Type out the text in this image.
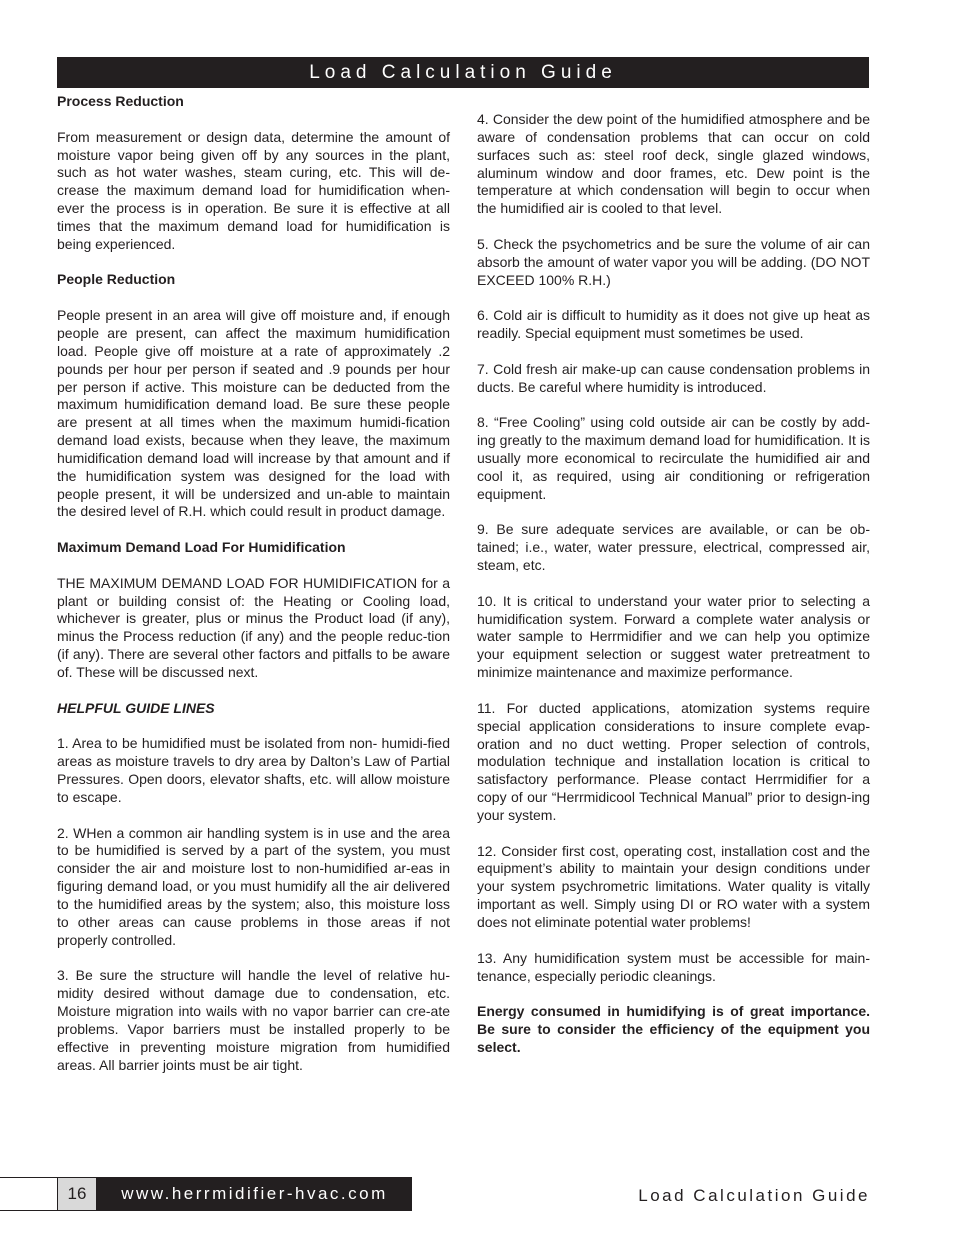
Load Calculation Guide

Process Reduction

From measurement or design data, determine the amount of moisture vapor being given off by any sources in the plant, such as hot water washes, steam curing, etc. This will de-crease the maximum demand load for humidification when-ever the process is in operation. Be sure it is effective at all times that the maximum demand load for humidification is being experienced.

People Reduction

People present in an area will give off moisture and, if enough people are present, can affect the maximum humidification load. People give off moisture at a rate of approximately .2 pounds per hour per person if seated and .9 pounds per hour per person if active. This moisture can be deducted from the maximum humidification demand load. Be sure these people are present at all times when the maximum humidi-fication demand load exists, because when they leave, the maximum humidification demand load will increase by that amount and if the humidification system was designed for the load with people present, it will be undersized and un-able to maintain the desired level of R.H. which could result in product damage.

Maximum Demand Load For Humidification

THE MAXIMUM DEMAND LOAD FOR HUMIDIFICATION for a plant or building consist of: the Heating or Cooling load, whichever is greater, plus or minus the Product load (if any), minus the Process reduction (if any) and the people reduc-tion (if any). There are several other factors and pitfalls to be aware of. These will be discussed next.

HELPFUL GUIDE LINES

1. Area to be humidified must be isolated from non- humidi-fied areas as moisture travels to dry area by Dalton’s Law of Partial Pressures. Open doors, elevator shafts, etc. will allow moisture to escape.

2. WHen a common air handling system is in use and the area to be humidified is served by a part of the system, you must consider the air and moisture lost to non-humidified ar-eas in figuring demand load, or you must humidify all the air delivered to the humidified areas by the system; also, this moisture loss to other areas can cause problems in those areas if not properly controlled.

3. Be sure the structure will handle the level of relative hu-midity desired without damage due to condensation, etc. Moisture migration into wails with no vapor barrier can cre-ate problems. Vapor barriers must be installed properly to be effective in preventing moisture migration from humidified areas. All barrier joints must be air tight.

4. Consider the dew point of the humidified atmosphere and be aware of condensation problems that can occur on cold surfaces such as: steel roof deck, single glazed windows, aluminum window and door frames, etc. Dew point is the temperature at which condensation will begin to occur when the humidified air is cooled to that level.

5. Check the psychometrics and be sure the volume of air can absorb the amount of water vapor you will be adding. (DO NOT EXCEED 100% R.H.)

6. Cold air is difficult to humidity as it does not give up heat as readily. Special equipment must sometimes be used.

7. Cold fresh air make-up can cause condensation problems in ducts. Be careful where humidity is introduced.

8. “Free Cooling” using cold outside air can be costly by add-ing greatly to the maximum demand load for humidification. It is usually more economical to recirculate the humidified air and cool it, as required, using air conditioning or refrigeration equipment.

9. Be sure adequate services are available, or can be ob-tained; i.e., water, water pressure, electrical, compressed air, steam, etc.

10. It is critical to understand your water prior to selecting a humidification system. Forward a complete water analysis or water sample to Herrmidifier and we can help you optimize your equipment selection or suggest water pretreatment to minimize maintenance and maximize performance.

11. For ducted applications, atomization systems require special application considerations to insure complete evap-oration and no duct wetting. Proper selection of controls, modulation technique and installation location is critical to satisfactory performance. Please contact Herrmidifier for a copy of our “Herrmidicool Technical Manual” prior to design-ing your system.

12. Consider first cost, operating cost, installation cost and the equipment’s ability to maintain your design conditions under your system psychrometric limitations. Water quality is vitally important as well. Simply using DI or RO water with a system does not eliminate potential water problems!

13. Any humidification system must be accessible for main-tenance, especially periodic cleanings.

Energy consumed in humidifying is of great importance. Be sure to consider the efficiency of the equipment you select.

16 www.herrmidifier-hvac.com	Load Calculation Guide
